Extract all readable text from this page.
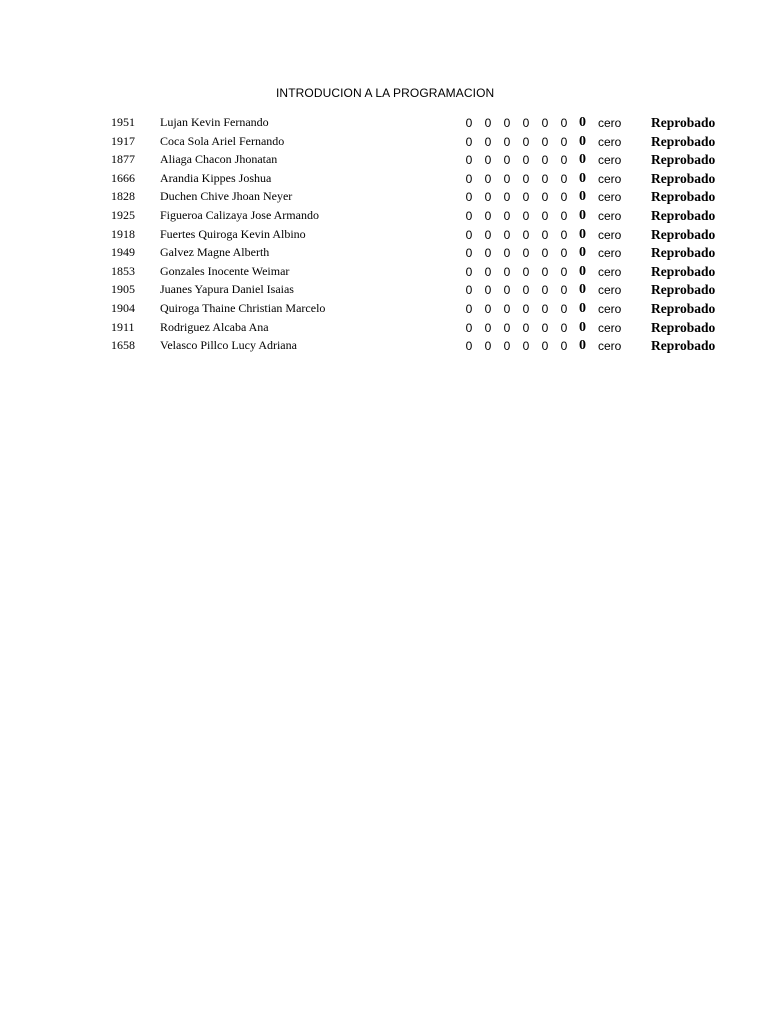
INTRODUCION A LA PROGRAMACION
1951 Lujan Kevin Fernando	0 0 0 0 0 0 0 cero Reprobado
1917 Coca Sola Ariel Fernando	0 0 0 0 0 0 0 cero Reprobado
1877 Aliaga Chacon Jhonatan	0 0 0 0 0 0 0 cero Reprobado
1666 Arandia Kippes Joshua	0 0 0 0 0 0 0 cero Reprobado
1828 Duchen Chive Jhoan Neyer	0 0 0 0 0 0 0 cero Reprobado
1925 Figueroa Calizaya Jose Armando	0 0 0 0 0 0 0 cero Reprobado
1918 Fuertes Quiroga Kevin Albino	0 0 0 0 0 0 0 cero Reprobado
1949 Galvez Magne Alberth	0 0 0 0 0 0 0 cero Reprobado
1853 Gonzales Inocente Weimar	0 0 0 0 0 0 0 cero Reprobado
1905 Juanes Yapura Daniel Isaias	0 0 0 0 0 0 0 cero Reprobado
1904 Quiroga Thaine Christian Marcelo	0 0 0 0 0 0 0 cero Reprobado
1911 Rodriguez Alcaba Ana	0 0 0 0 0 0 0 cero Reprobado
1658 Velasco Pillco Lucy Adriana	0 0 0 0 0 0 0 cero Reprobado
